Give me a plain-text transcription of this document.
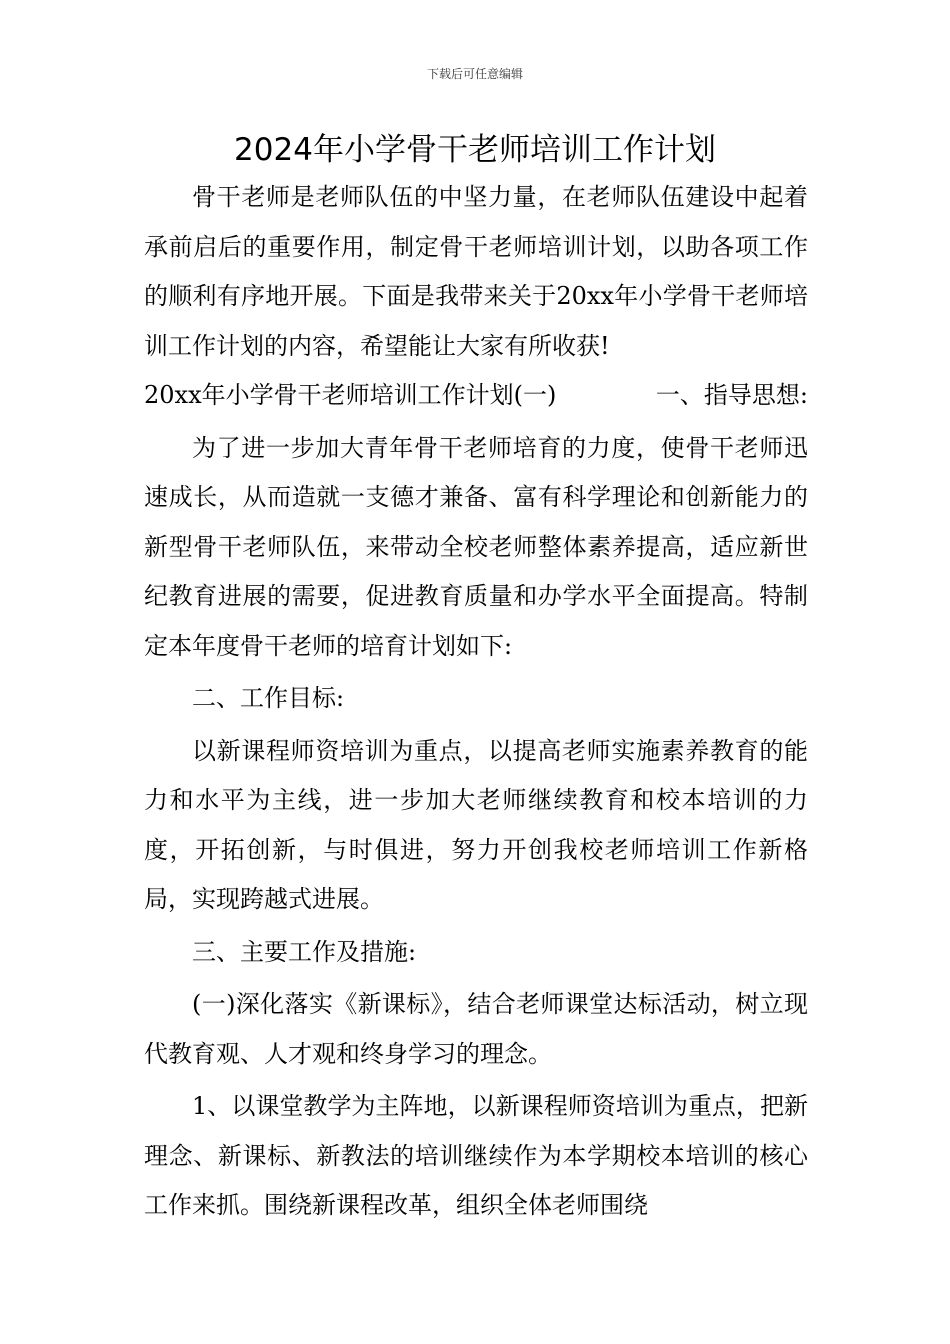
下载后可任意编辑
2024年小学骨干老师培训工作计划

骨干老师是老师队伍的中坚力量，在老师队伍建设中起着承前启后的重要作用，制定骨干老师培训计划，以助各项工作的顺利有序地开展。下面是我带来关于20xx年小学骨干老师培训工作计划的内容，希望能让大家有所收获!

20xx年小学骨干老师培训工作计划(一)	一、指导思想:

为了进一步加大青年骨干老师培育的力度，使骨干老师迅速成长，从而造就一支德才兼备、富有科学理论和创新能力的新型骨干老师队伍，来带动全校老师整体素养提高，适应新世纪教育进展的需要，促进教育质量和办学水平全面提高。特制定本年度骨干老师的培育计划如下:

二、工作目标:

以新课程师资培训为重点，以提高老师实施素养教育的能力和水平为主线，进一步加大老师继续教育和校本培训的力度，开拓创新，与时俱进，努力开创我校老师培训工作新格局，实现跨越式进展。

三、主要工作及措施:

(一)深化落实《新课标》，结合老师课堂达标活动，树立现代教育观、人才观和终身学习的理念。

1、以课堂教学为主阵地，以新课程师资培训为重点，把新理念、新课标、新教法的培训继续作为本学期校本培训的核心工作来抓。围绕新课程改革，组织全体老师围绕
